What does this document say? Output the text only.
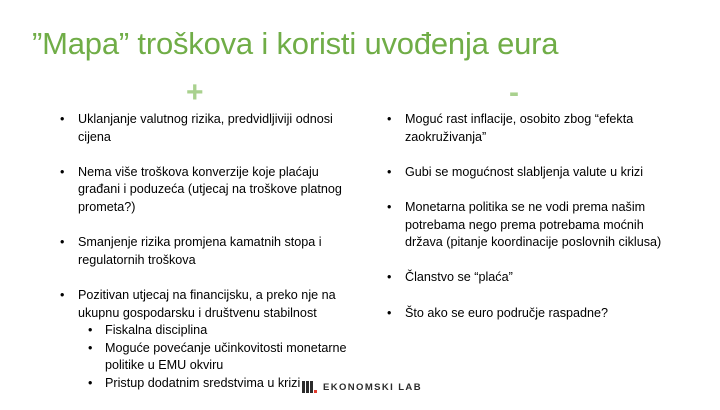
”Mapa” troškova i koristi uvođenja eura
+	-
• Uklanjanje valutnog rizika, predvidljiviji odnosi cijena
• Nema više troškova konverzije koje plaćaju građani i poduzeća (utjecaj na troškove platnog prometa?)
• Smanjenje rizika promjena kamatnih stopa i regulatornih troškova
• Pozitivan utjecaj na financijsku, a preko nje na ukupnu gospodarsku i društvenu stabilnost
• Fiskalna disciplina
• Moguće povećanje učinkovitosti monetarne politike u EMU okviru
• Pristup dodatnim sredstvima u krizi
• Moguć rast inflacije, osobito zbog “efekta zaokruživanja”
• Gubi se mogućnost slabljenja valute u krizi
• Monetarna politika se ne vodi prema našim potrebama nego prema potrebama moćnih država (pitanje koordinacije poslovnih ciklusa)
• Članstvo se “plaća”
• Što ako se euro područje raspadne?
EKONOMSKI LAB
